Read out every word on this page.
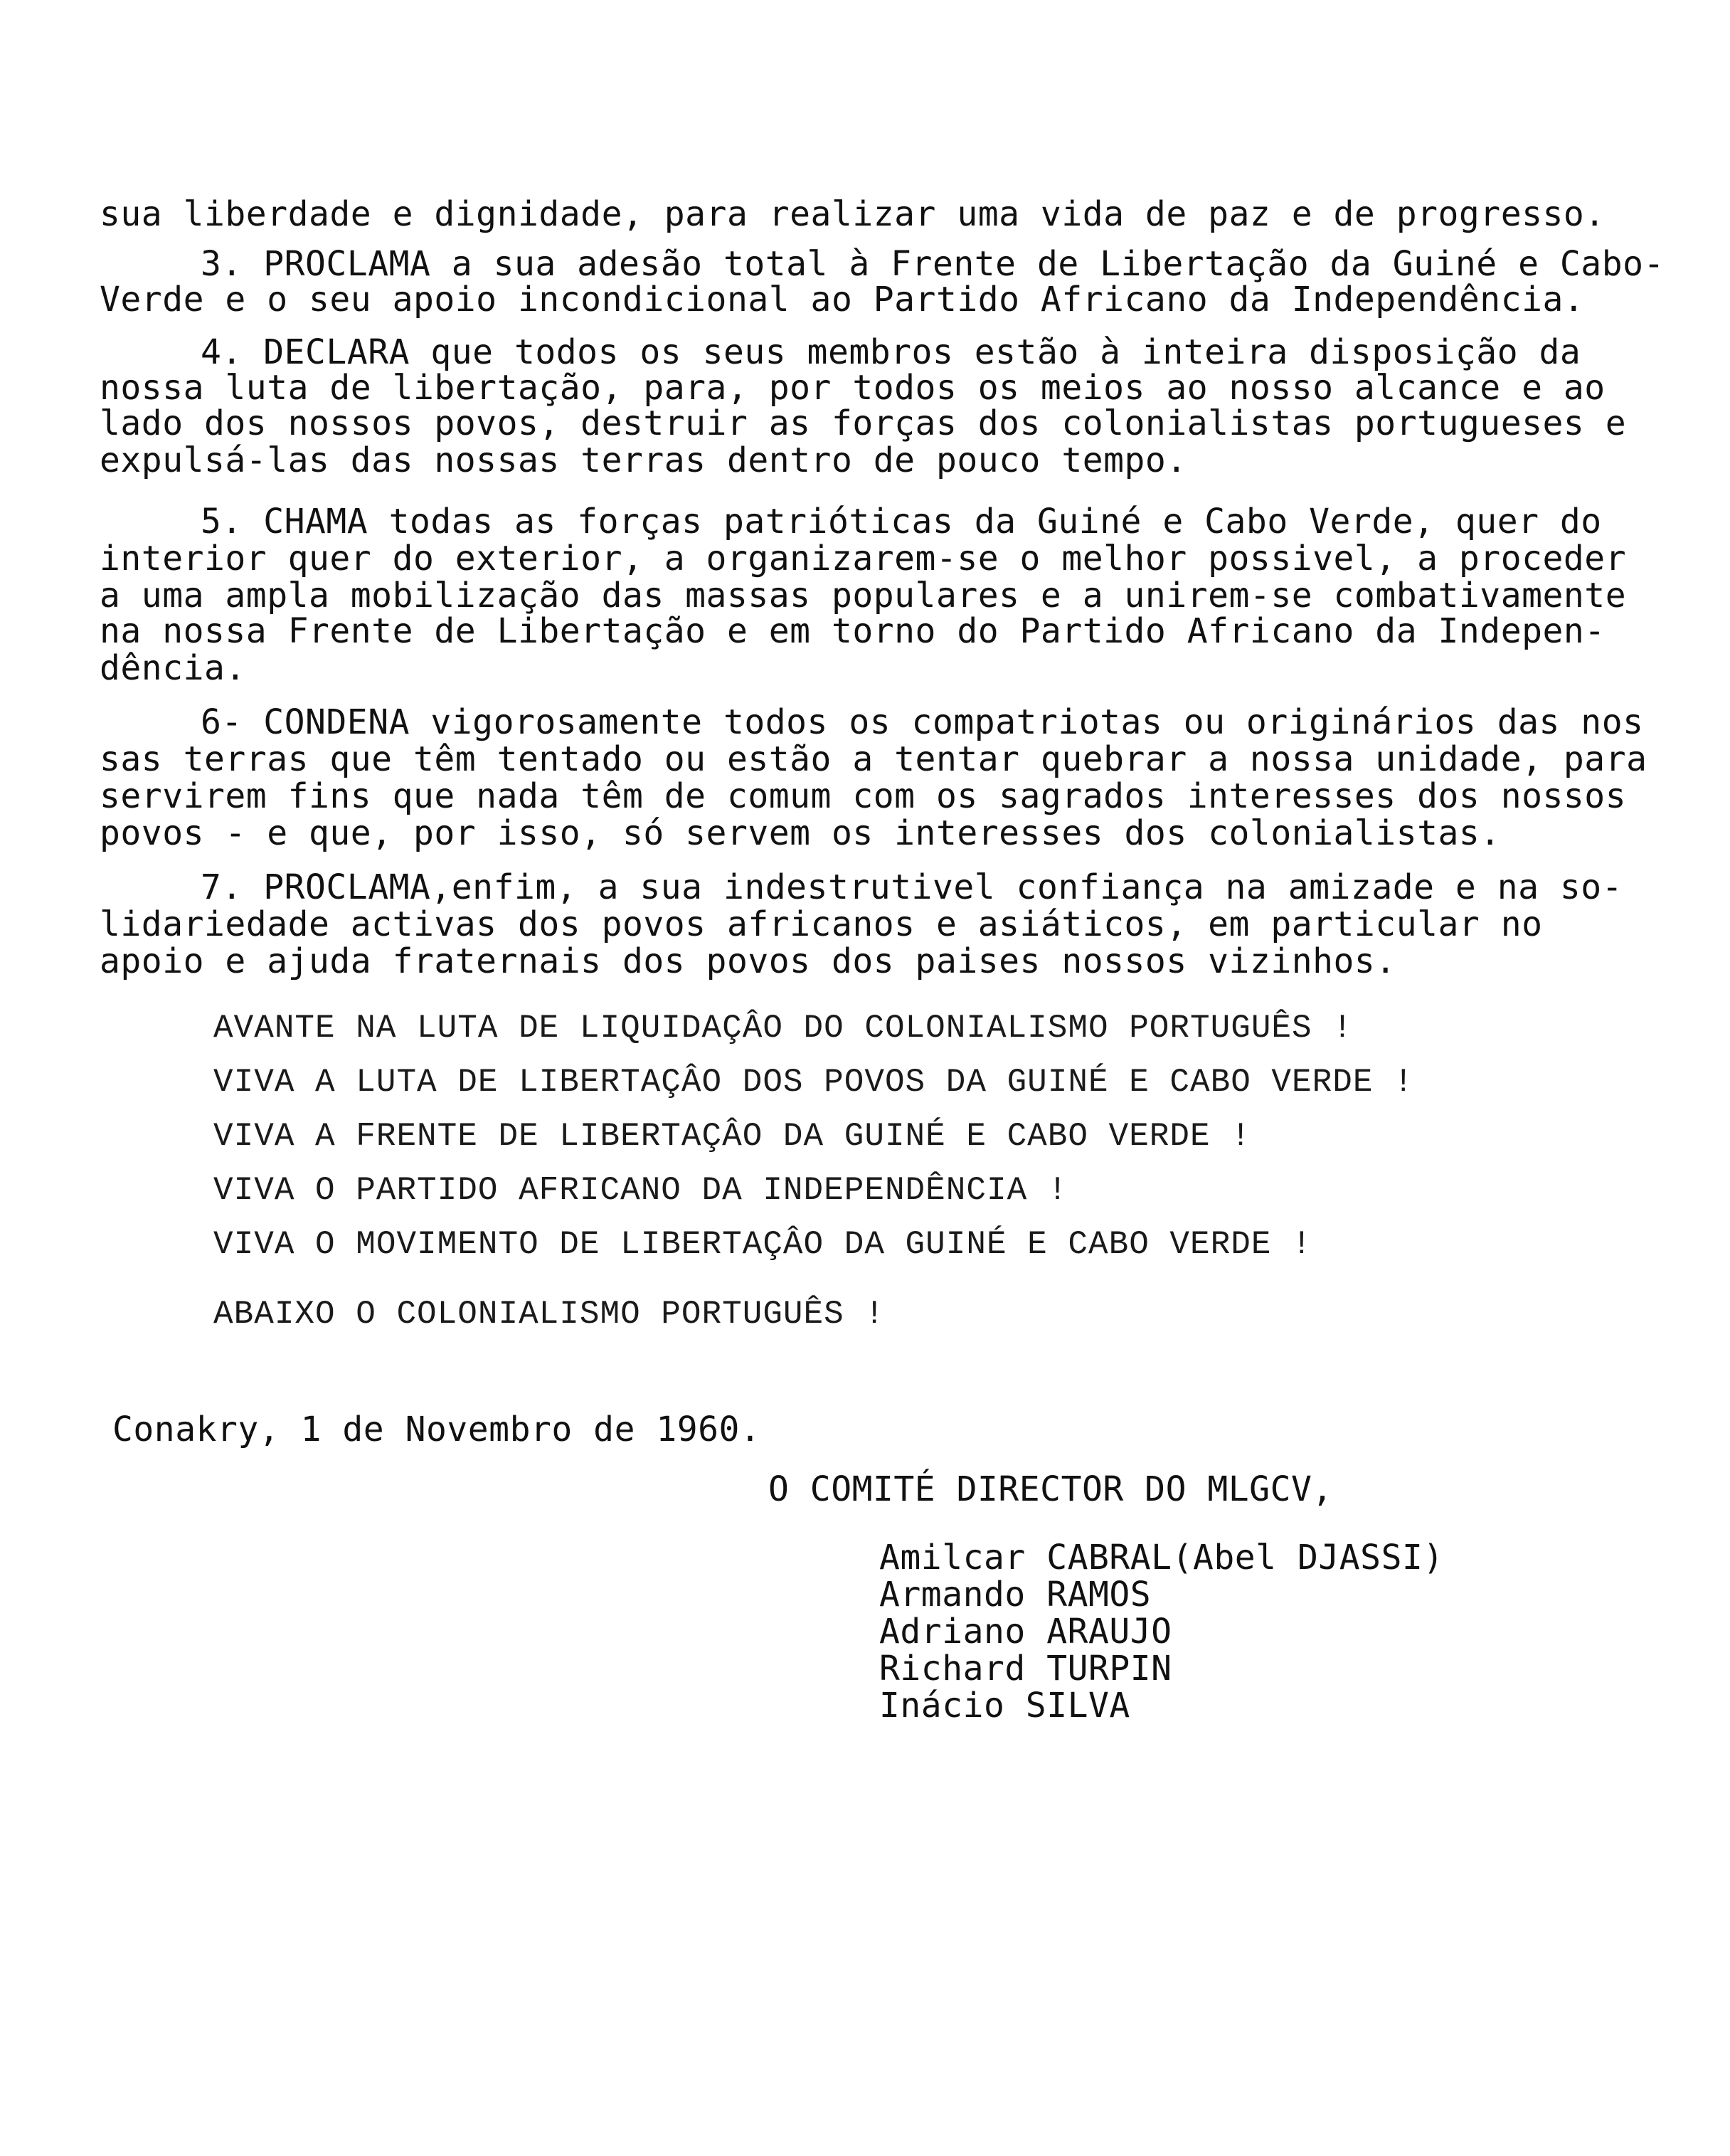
sua liberdade e dignidade, para realizar uma vida de paz e de progresso.
3. PROCLAMA a sua adesão total à Frente de Libertação da Guiné e Cabo-
Verde e o seu apoio incondicional ao Partido Africano da Independência.
4. DECLARA que todos os seus membros estão à inteira disposição da
nossa luta de libertação, para, por todos os meios ao nosso alcance e ao
lado dos nossos povos, destruir as forças dos colonialistas portugueses e
expulsá-las das nossas terras dentro de pouco tempo.
5. CHAMA todas as forças patriόticas da Guiné e Cabo Verde, quer do
interior quer do exterior, a organizarem-se o melhor possivel, a proceder
a uma ampla mobilização das massas populares e a unirem-se combativamente
na nossa Frente de Libertação e em torno do Partido Africano da Indepen-
dência.
6- CONDENA vigorosamente todos os compatriotas ou originários das nos
sas terras que têm tentado ou estão a tentar quebrar a nossa unidade, para
servirem fins que nada têm de comum com os sagrados interesses dos nossos
povos - e que, por isso, só servem os interesses dos colonialistas.
7. PROCLAMA,enfim, a sua indestrutivel confiança na amizade e na so-
lidariedade activas dos povos africanos e asiáticos, em particular no
apoio e ajuda fraternais dos povos dos paises nossos vizinhos.
AVANTE NA LUTA DE LIQUIDAÇÂO DO COLONIALISMO PORTUGUÊS !
VIVA A LUTA DE LIBERTAÇÂO DOS POVOS DA GUINÉ E CABO VERDE !
VIVA A FRENTE DE LIBERTAÇÂO DA GUINÉ E CABO VERDE !
VIVA O PARTIDO AFRICANO DA INDEPENDÊNCIA !
VIVA O MOVIMENTO DE LIBERTAÇÂO DA GUINÉ E CABO VERDE !
ABAIXO O COLONIALISMO PORTUGUÊS !
Conakry, 1 de Novembro de 1960.
O COMITÉ DIRECTOR DO MLGCV,
Amilcar CABRAL(Abel DJASSI)
Armando RAMOS
Adriano ARAUJO
Richard TURPIN
Inácio SILVA
